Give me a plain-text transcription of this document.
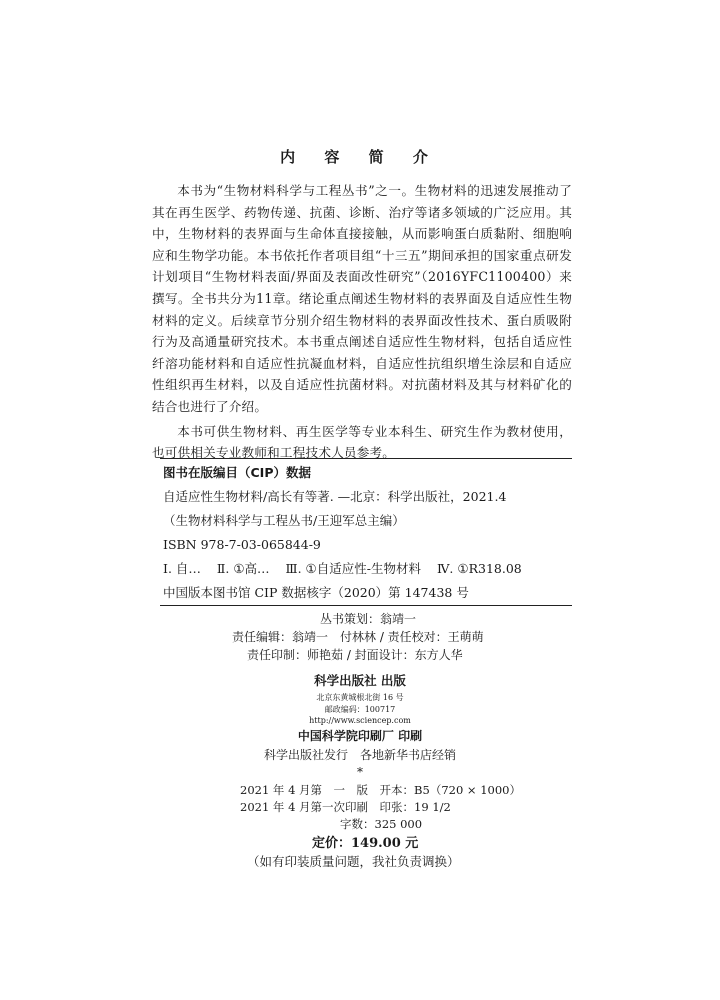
内 容 简 介

本书为“生物材料科学与工程丛书”之一。生物材料的迅速发展推动了其在再生医学、药物传递、抗菌、诊断、治疗等诸多领域的广泛应用。其中，生物材料的表界面与生命体直接接触，从而影响蛋白质黏附、细胞响应和生物学功能。本书依托作者项目组“十三五”期间承担的国家重点研发计划项目“生物材料表面/界面及表面改性研究”（2016YFC1100400）来撰写。全书共分为11章。绪论重点阐述生物材料的表界面及自适应性生物材料的定义。后续章节分别介绍生物材料的表界面改性技术、蛋白质吸附行为及高通量研究技术。本书重点阐述自适应性生物材料，包括自适应性纤溶功能材料和自适应性抗凝血材料，自适应性抗组织增生涂层和自适应性组织再生材料，以及自适应性抗菌材料。对抗菌材料及其与材料矿化的结合也进行了介绍。

本书可供生物材料、再生医学等专业本科生、研究生作为教材使用，也可供相关专业教师和工程技术人员参考。

图书在版编目（CIP）数据
自适应性生物材料/高长有等著. —北京：科学出版社，2021.4
（生物材料科学与工程丛书/王迎军总主编）
ISBN 978-7-03-065844-9
Ⅰ. 自… Ⅱ. ①高… Ⅲ. ①自适应性-生物材料 Ⅳ. ①R318.08
中国版本图书馆 CIP 数据核字（2020）第 147438 号
丛书策划：翁靖一
责任编辑：翁靖一　付林林 / 责任校对：王萌萌
责任印制：师艳茹 / 封面设计：东方人华
科学出版社 出版
北京东黄城根北街 16 号
邮政编码：100717
http://www.sciencep.com
中国科学院印刷厂 印刷
科学出版社发行　各地新华书店经销
*
2021 年 4 月第　一　版　开本：B5（720 × 1000）
2021 年 4 月第一次印刷　印张：19 1/2
字数：325 000
定价：149.00 元
（如有印装质量问题，我社负责调换）
